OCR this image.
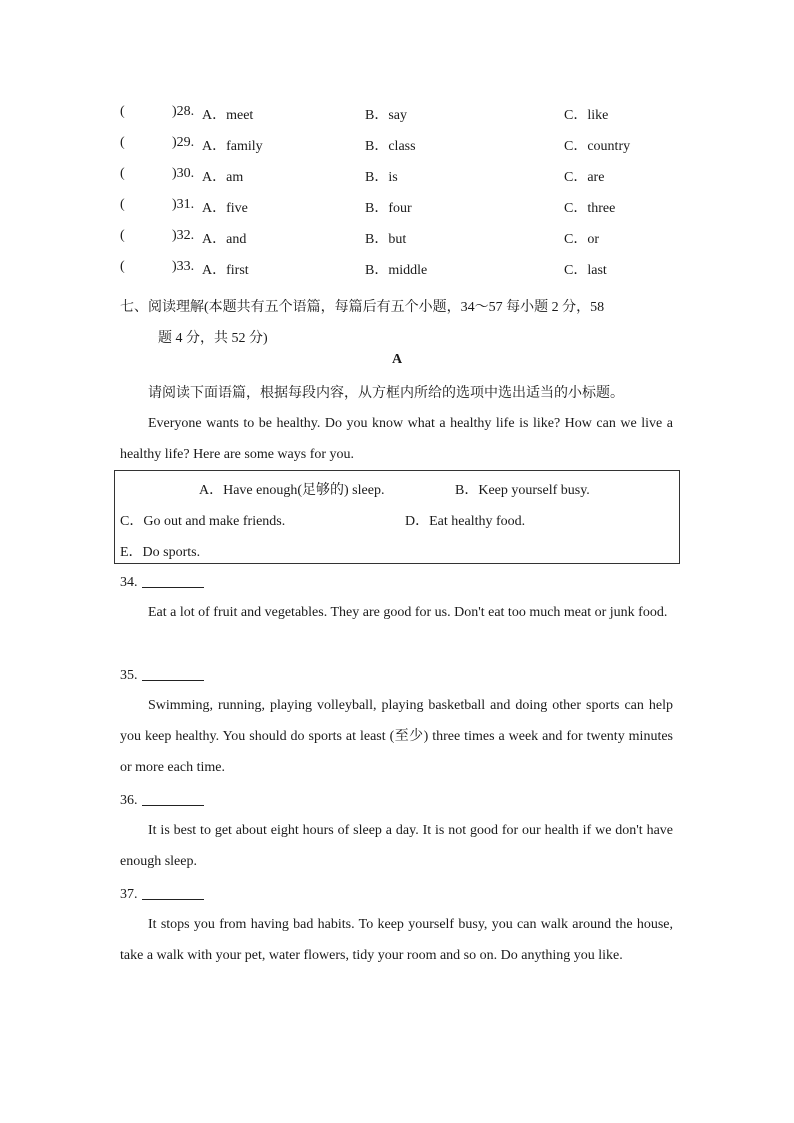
(	)28. A．meet	B．say	C．like
(	)29. A．family	B．class	C．country
(	)30. A．am	B．is	C．are
(	)31. A．five	B．four	C．three
(	)32. A．and	B．but	C．or
(	)33. A．first	B．middle	C．last
七、阅读理解(本题共有五个语篇，每篇后有五个小题，34～57 每小题 2 分，58
题 4 分，共 52 分)
A
请阅读下面语篇，根据每段内容，从方框内所给的选项中选出适当的小标题。
Everyone wants to be healthy. Do you know what a healthy life is like? How can we live a healthy life? Here are some ways for you.
A．Have enough(足够的) sleep.	B．Keep yourself busy.
C．Go out and make friends.	D．Eat healthy food.
E．Do sports.
34.
Eat a lot of fruit and vegetables. They are good for us. Don't eat too much meat or junk food.
35.
Swimming, running, playing volleyball, playing basketball and doing other sports can help you keep healthy. You should do sports at least (至少) three times a week and for twenty minutes or more each time.
36.
It is best to get about eight hours of sleep a day. It is not good for our health if we don't have enough sleep.
37.
It stops you from having bad habits. To keep yourself busy, you can walk around the house, take a walk with your pet, water flowers, tidy your room and so on. Do anything you like.
